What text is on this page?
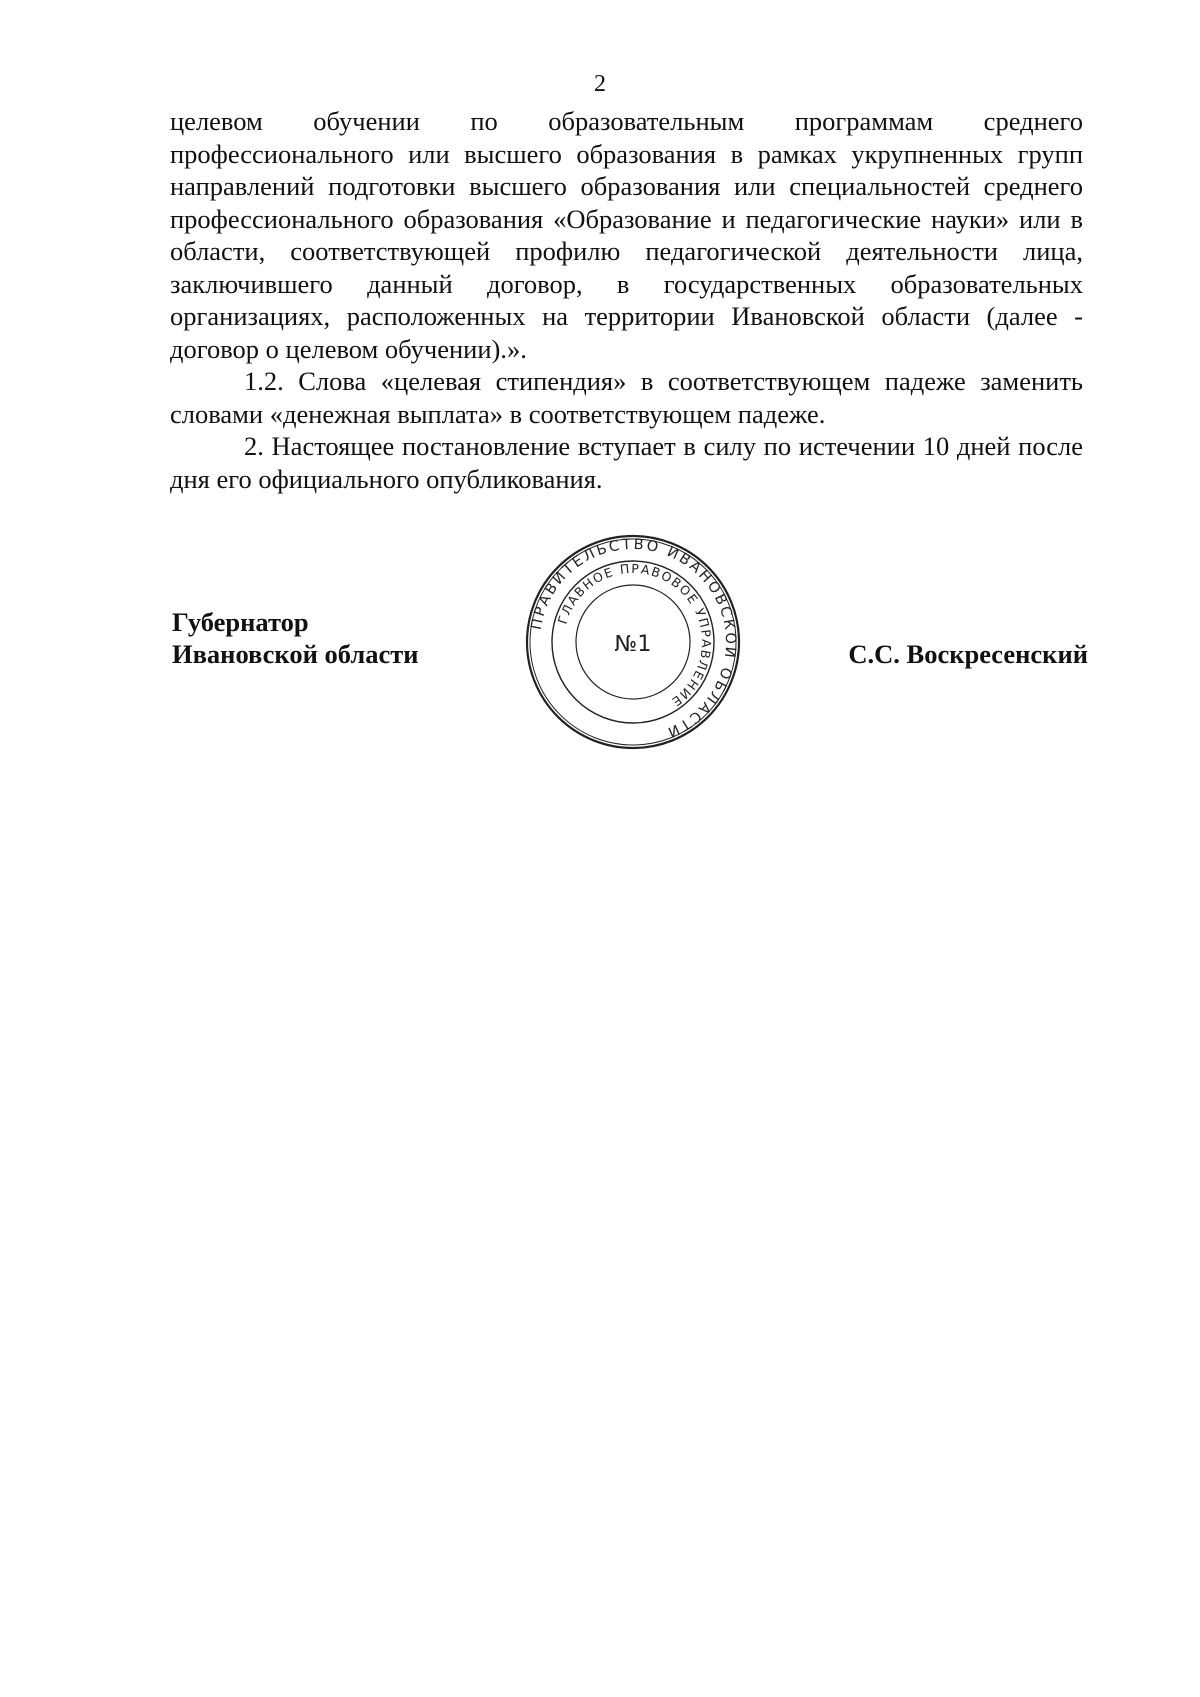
2

целевом обучении по образовательным программам среднего профессионального или высшего образования в рамках укрупненных групп направлений подготовки высшего образования или специальностей среднего профессионального образования «Образование и педагогические науки» или в области, соответствующей профилю педагогической деятельности лица, заключившего данный договор, в государственных образовательных организациях, расположенных на территории Ивановской области (далее - договор о целевом обучении).».

1.2. Слова «целевая стипендия» в соответствующем падеже заменить словами «денежная выплата» в соответствующем падеже.

2. Настоящее постановление вступает в силу по истечении 10 дней после дня его официального опубликования.

Губернатор
Ивановской области	С.С. Воскресенский
ПРАВИТЕЛЬСТВО ИВАНОВСКОЙ ОБЛАСТИ
ГЛАВНОЕ ПРАВОВОЕ УПРАВЛЕНИЕ
№1
